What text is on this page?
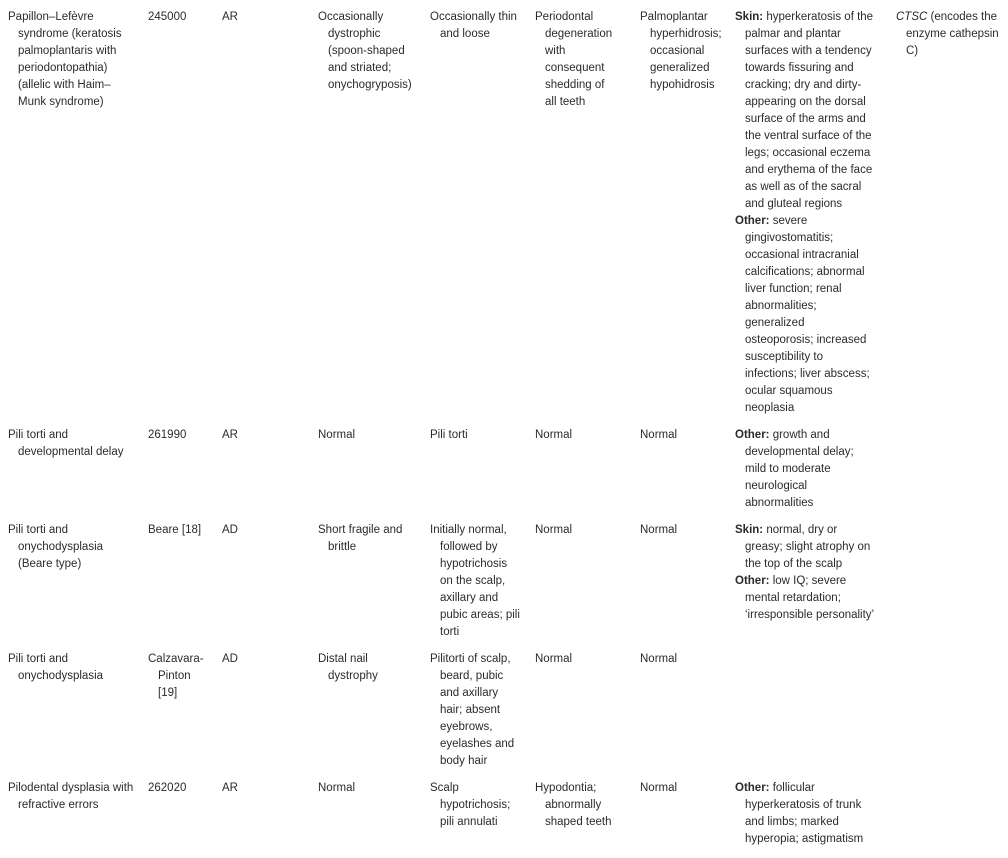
Papillon–Lefèvre syndrome (keratosis palmoplantaris with periodontopathia) (allelic with Haim–Munk syndrome)	245000	AR	Occasionally dystrophic (spoon-shaped and striated; onychogryposis)	Occasionally thin and loose	Periodontal degeneration with consequent shedding of all teeth	Palmoplantar hyperhidrosis; occasional generalized hypohidrosis	Skin: hyperkeratosis of the palmar and plantar surfaces with a tendency towards fissuring and cracking; dry and dirty-appearing on the dorsal surface of the arms and the ventral surface of the legs; occasional eczema and erythema of the face as well as of the sacral and gluteal regions
Other: severe gingivostomatitis; occasional intracranial calcifications; abnormal liver function; renal abnormalities; generalized osteoporosis; increased susceptibility to infections; liver abscess; ocular squamous neoplasia	CTSC (encodes the enzyme cathepsin C)

Pili torti and developmental delay	261990	AR	Normal	Pili torti	Normal	Normal	Other: growth and developmental delay; mild to moderate neurological abnormalities	

Pili torti and onychodysplasia (Beare type)	Beare [18]	AD	Short fragile and brittle	Initially normal, followed by hypotrichosis on the scalp, axillary and pubic areas; pili torti	Normal	Normal	Skin: normal, dry or greasy; slight atrophy on the top of the scalp
Other: low IQ; severe mental retardation; ‘irresponsible personality’	

Pili torti and onychodysplasia	Calzavara-Pinton [19]	AD	Distal nail dystrophy	Pilitorti of scalp, beard, pubic and axillary hair; absent eyebrows, eyelashes and body hair	Normal	Normal		

Pilodental dysplasia with refractive errors	262020	AR	Normal	Scalp hypotrichosis; pili annulati	Hypodontia; abnormally shaped teeth	Normal	Other: follicular hyperkeratosis of trunk and limbs; marked hyperopia; astigmatism	
